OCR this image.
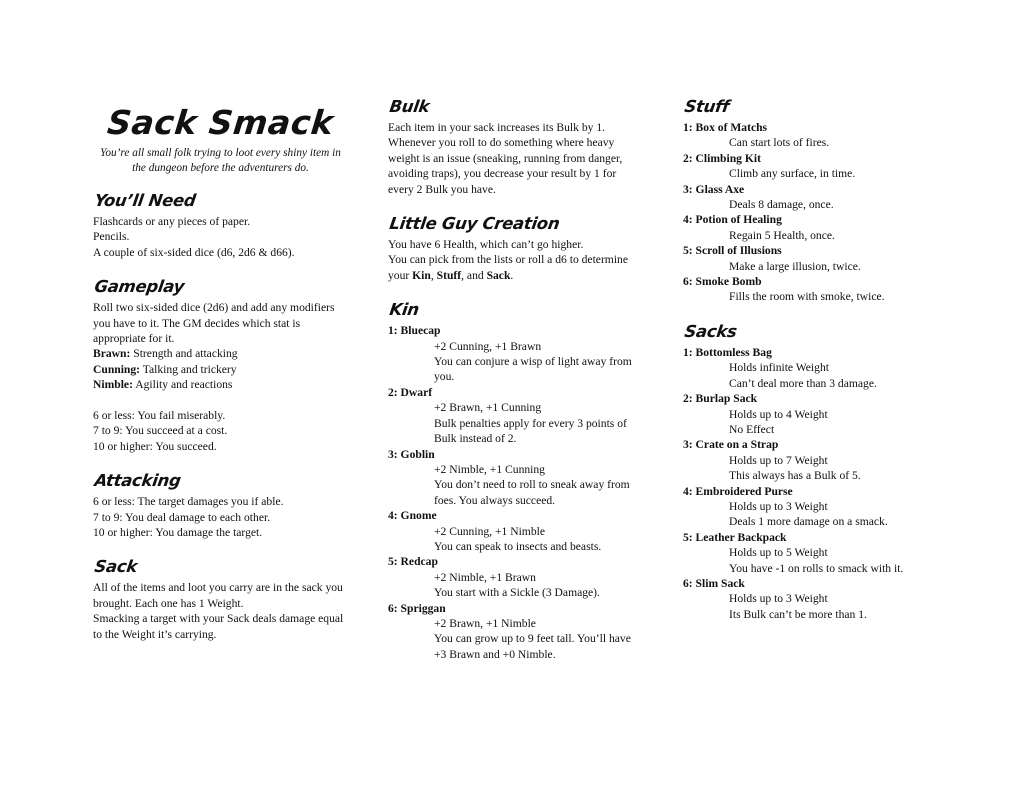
Sack Smack
You’re all small folk trying to loot every shiny item in the dungeon before the adventurers do.
You’ll Need

Flashcards or any pieces of paper.

Pencils.

A couple of six-sided dice (d6, 2d6 & d66).

Gameplay

Roll two six-sided dice (2d6) and add any modifiers you have to it. The GM decides which stat is appropriate for it.

Brawn: Strength and attacking

Cunning: Talking and trickery

Nimble: Agility and reactions

6 or less: You fail miserably.

7 to 9: You succeed at a cost.

10 or higher: You succeed.

Attacking

6 or less: The target damages you if able.

7 to 9: You deal damage to each other.

10 or higher: You damage the target.

Sack

All of the items and loot you carry are in the sack you brought. Each one has 1 Weight.

Smacking a target with your Sack deals damage equal to the Weight it’s carrying.

Bulk

Each item in your sack increases its Bulk by 1. Whenever you roll to do something where heavy weight is an issue (sneaking, running from danger, avoiding traps), you decrease your result by 1 for every 2 Bulk you have.

Little Guy Creation

You have 6 Health, which can’t go higher.

You can pick from the lists or roll a d6 to determine your Kin, Stuff, and Sack.

Kin
1: Bluecap
+2 Cunning, +1 Brawn
You can conjure a wisp of light away from you.
2: Dwarf
+2 Brawn, +1 Cunning
Bulk penalties apply for every 3 points of Bulk instead of 2.
3: Goblin
+2 Nimble, +1 Cunning
You don’t need to roll to sneak away from foes. You always succeed.
4: Gnome
+2 Cunning, +1 Nimble
You can speak to insects and beasts.
5: Redcap
+2 Nimble, +1 Brawn
You start with a Sickle (3 Damage).
6: Spriggan
+2 Brawn, +1 Nimble
You can grow up to 9 feet tall. You’ll have +3 Brawn and +0 Nimble.
Stuff
1: Box of Matchs
Can start lots of fires.
2: Climbing Kit
Climb any surface, in time.
3: Glass Axe
Deals 8 damage, once.
4: Potion of Healing
Regain 5 Health, once.
5: Scroll of Illusions
Make a large illusion, twice.
6: Smoke Bomb
Fills the room with smoke, twice.
Sacks
1: Bottomless Bag
Holds infinite Weight
Can’t deal more than 3 damage.
2: Burlap Sack
Holds up to 4 Weight
No Effect
3: Crate on a Strap
Holds up to 7 Weight
This always has a Bulk of 5.
4: Embroidered Purse
Holds up to 3 Weight
Deals 1 more damage on a smack.
5: Leather Backpack
Holds up to 5 Weight
You have -1 on rolls to smack with it.
6: Slim Sack
Holds up to 3 Weight
Its Bulk can’t be more than 1.
